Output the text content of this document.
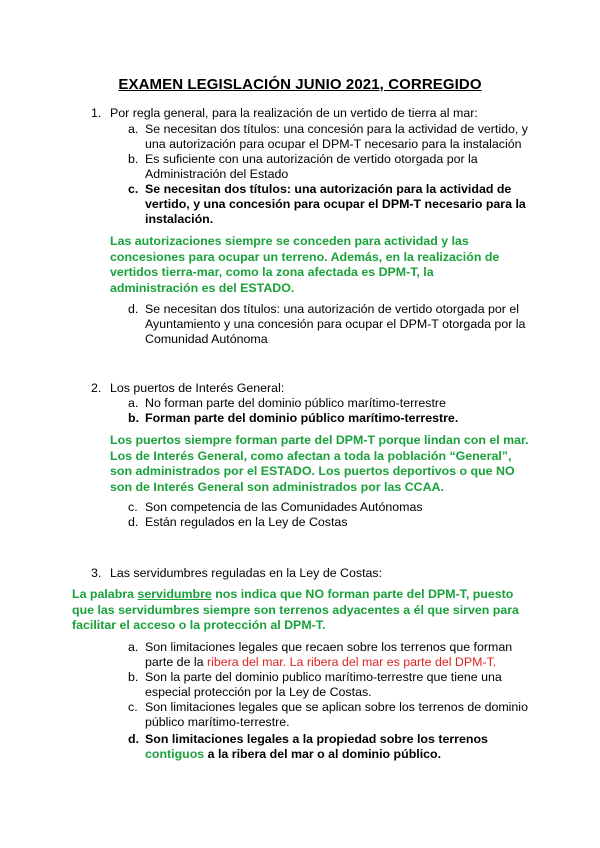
EXAMEN LEGISLACIÓN JUNIO 2021, CORREGIDO
1. Por regla general, para la realización de un vertido de tierra al mar:
a. Se necesitan dos títulos: una concesión para la actividad de vertido, y una autorización para ocupar el DPM-T necesario para la instalación
b. Es suficiente con una autorización de vertido otorgada por la Administración del Estado
c. Se necesitan dos títulos: una autorización para la actividad de vertido, y una concesión para ocupar el DPM-T necesario para la instalación.
Las autorizaciones siempre se conceden para actividad y las concesiones para ocupar un terreno. Además, en la realización de vertidos tierra-mar, como la zona afectada es DPM-T, la administración es del ESTADO.
d. Se necesitan dos títulos: una autorización de vertido otorgada por el Ayuntamiento y una concesión para ocupar el DPM-T otorgada por la Comunidad Autónoma
2. Los puertos de Interés General:
a. No forman parte del dominio público marítimo-terrestre
b. Forman parte del dominio público marítimo-terrestre.
Los puertos siempre forman parte del DPM-T porque lindan con el mar. Los de Interés General, como afectan a toda la población “General”, son administrados por el ESTADO. Los puertos deportivos o que NO son de Interés General son administrados por las CCAA.
c. Son competencia de las Comunidades Autónomas
d. Están regulados en la Ley de Costas
3. Las servidumbres reguladas en la Ley de Costas:
La palabra servidumbre nos indica que NO forman parte del DPM-T, puesto que las servidumbres siempre son terrenos adyacentes a él que sirven para facilitar el acceso o la protección al DPM-T.
a. Son limitaciones legales que recaen sobre los terrenos que forman parte de la ribera del mar. La ribera del mar es parte del DPM-T.
b. Son la parte del dominio publico marítimo-terrestre que tiene una especial protección por la Ley de Costas.
c. Son limitaciones legales que se aplican sobre los terrenos de dominio público marítimo-terrestre.
d. Son limitaciones legales a la propiedad sobre los terrenos contiguos a la ribera del mar o al dominio público.
